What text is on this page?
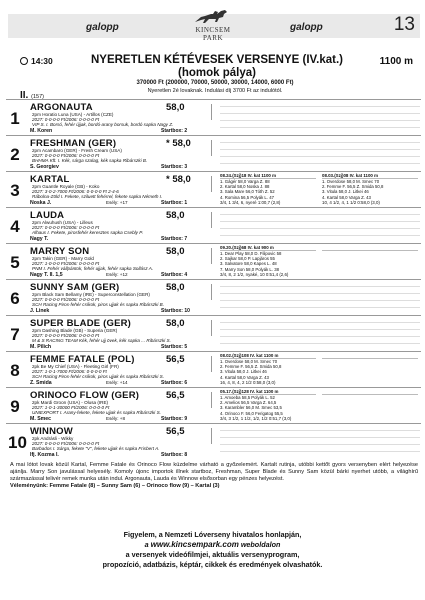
galopp	KINCSEM PARK
galopp	13
14:30	NYERETLEN KÉTÉVESEK VERSENYE (IV.kat.)
(homok pálya)
1100 m
370000 Ft (200000, 70000, 50000, 30000, 14000, 6000 Ft)
II. (157)
Nyeretlen 2é lovaknak. Indulási díj 3700 Ft az indulótól.
1
ARGONAUTA	58,0
2pm Horatio Luna (USA) - Artillos (CZE)
2027: 0-0-0-0 Ft/2006: 0-0-0-0 Ft
VIP S. I. Borsó, fehér újjak, bordó-arany borsuk, bordó sapka Nagy Z.
M. Koren	Startbox: 2
2
FRESHMAN (GER)	* 58,0
2pm Acambaro (GER) - Fresh Cream (USA)
2027: 0-0-0-0 Ft/2006: 0-0-0-0 Ft
BHHMA Kft. I. Kék, sárga szalag, kék sapka Ribárszki B.
S. Georgiev	Startbox: 3
3
KARTAL	* 58,0
2pm Guantle Royale (GB) - Koko
2027: 3-0-2-7000 Ft/2006: 0-0-0-0 Ft 2-4-6
Rábolna-Zöld I. Fekete, sziluett fehérrel, fekete sapka Németh I.
Noska J.	Esély: +17	Startbox: 1
08.24.(Szj)18 IV. kat 1100 m
1. Gágér 58,0 Varga Z. 88
2. Kartal 58,0 Noska J. 88
3. Sala Mare 56,0 Tóth Z. 52
4. Romina 56,5 Polyák L. 47
3/4, 1 3/4, 6, nyeré 1:00,7 (2,8)
08.03.(Szj)08 IV. kat 1100 m
1. Overdose 58,0 M. Smec 70
2. Femme F. 56,5 Z. Smida 50,8
3. Vitula 58,0 J. Litkei 46
4. Kartal 58,0 Varga Z. 43
10, 4 1/2, 4, 1 1/2 0:58,0 (3,0)
4
LAUDA	58,0
2pm Alwuhush (USA) - Lilleus
2027: 0-0-0-0 Ft/2006: 0-0-0-0 Ft
Alhaus I. Fekete, pirosfehér keresztes sapka Csebly P.
Nagy T.	Startbox: 7
5
MARRY SON	58,0
2pm Takin (GER) - Marry Gold
2027: 1-0-0-0 Ft/2006: 0-0-0-0 Ft
PNM I. Fehér vállpántok, fehér ujjak, fehér sapka Sollász A.
Nagy T. II. 1,5	Esély: +12	Startbox: 4
09.20.(Szj)68 IV. kat 900 m
1. Dear Play 58,0 D. Filipovic 58
2. Sajkar 58,0 P. Lapjáros 55
3. Salvatore 58,0 Kapes L. 48
7. Marry Son 58,0 Polyák L. 38
3/4, 8, 2 1/2, nyaké, 10 0:51,4 (2,6)
6
SUNNY SAM (GER)	58,0
2pm Black Sam Bellamy (IRE) - Superconstellation (GER)
2027: 0-0-0-0 Ft/2006: 0-0-0-0 Ft
SCH Racing Piros-fehér csíkok, piros ujjak és sapka Ribárszki B.
J. Linek	Startbox: 10
7
SUPER BLADE (GER)	58,0
2pm Dashing Blade (GB) - Superia (GER)
2027: 0-0-0-0 Ft/2006: 0-0-0-0 Ft
M & S RACING TEAM Kék, fehér ujj övek, kék sapka ... Ribárszki S.
M. Pilich	Startbox: 5
8
FEMME FATALE (POL)	56,5
2pk Be My Chief (USA) - Fleeting Girl (FR)
2027: 1-0-1-7000 Ft/2006: 0-0-0-0 Ft
SCH Racing Piros-fehér csíkok, piros ujjak és sapka Ribárszki S.
Z. Smida	Esély: +14	Startbox: 6
08.02.(Szj)108 IV. kat 1100 m
1. Overdose 58,0 M. Smec 70
2. Femme F. 56,5 Z. Smida 50,8
3. Vitula 58,0 J. Litkei 46
4. Kartal 58,0 Varga Z. 43
16, 4, 8, 4, 2 1/2 0:58,0 (3,0)
9
ORINOCO FLOW (GER)	56,5
2pk Mardi Groon (USA) - Olusa (IRE)
2027: 1-0-1-30000 Ft/2006: 0-0-0-0 Ft
UNIEXPORT I. Arany-fekete, fekete ujjak és sapka Ribárszki S.
M. Smec	Esély: +8	Startbox: 9
05.17.(Szj)128 IV. kat 1100 m
1. Amoeba 58,5 Polyák L. 52
2. Amelios 56,5 Varga Z. 64,5
3. Karambler 56,0 M. Smec 53,5
4. Orinoco F. 56,0 Ferigatog 55,5
3/4, 3 1/2, 1 1/2, 1/2, 1/2 0:51,7 (3,0)
10
WINNOW	56,5
2pk Andrásli - Wikky
2027: 0-0-0-0 Ft/2006: 0-0-0-0 Ft
Barbados I. Sárga, fekete "V", fekete ujjak és sapka Frisbert A.
Ifj. Kozma I.	Startbox: 8
A mai lótot lovak közül Kartal, Femme Fatale és Orinoco Flow küzdelme várható a győzelemért. Kartalt rutinja, utóbbi kettőt gyors versenyben elért helyezése ajánlja. Marry Son javulással helyesély. Komoly újonc importok illnek startboz, Freshman, Super Blade és Sunny Sam közül bárki nyerhet utóbb, a világhírű származással telivér remek munka után indul. Argonauta, Lauda és Winnow elsősorban egy pénzes helyezést.
Véleményünk: Femme Fatale (8) – Sunny Sam (6) – Orinoco flow (9) – Kartal (3)
Figyelem, a Nemzeti Lóverseny hivatalos honlapján,
a www.kincsempark.com weboldalon
a versenyek videófilmjei, aktuális versenyprogram,
propozíció, adatbázis, képtár, cikkek és eredmények olvashatók.
